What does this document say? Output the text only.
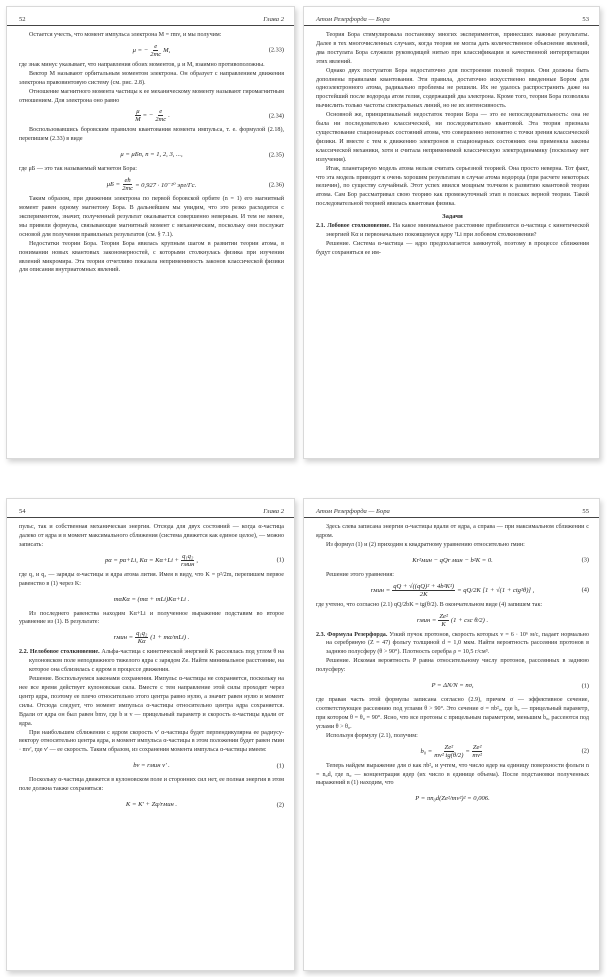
52	Глава 2

Остается учесть, что момент импульса электрона M = rmv, и мы получим:

μ = − $\frac{e}{2mc} M$,	(2.33)

где знак минус указывает, что направления обоих моментов, μ и M, взаимно противоположны.

Вектор M называют орбитальным моментом электрона. Он образует с направлением движения электрона правовинтовую систему (см. рис. 2.8).

Отношение магнитного момента частицы к ее механическому моменту называют гиромагнитным отношением. Для электрона оно равно

$\frac{\mu}{M}$ = − $\frac{e}{2mc}$ .	(2.34)

Воспользовавшись боровским правилом квантования момента импульса, т. е. формулой (2.18), перепишем (2.33) в виде

μ = μБn, n = 1, 2, 3, ...,	(2.35)

где μБ — это так называемый магнетон Бора:

$\mu Б = \frac{eħ}{2mc} = 0,927 \cdot 10^{-20}$ эрг/Гс.	(2.36)

Таким образом, при движении электрона по первой боровской орбите (n = 1) его магнитный момент равен одному магнетону Бора. В дальнейшем мы увидим, что это резко расходится с экспериментом, значит, полученный результат оказывается совершенно неверным. И тем не менее, мы привели формулы, связывающие магнитный момент с механическим, поскольку они послужат основой для получения правильных результатов (см. § 7.1).

Недостатки теории Бора. Теория Бора явилась крупным шагом в развитии теории атома, в понимании новых квантовых закономерностей, с которыми столкнулась физика при изучении явлений микромира. Эта теория отчетливо показала неприменимость законов классической физики для описания внутриатомных явлений.

Атом Резерфорда — Бора	53

Теория Бора стимулировала постановку многих экспериментов, принесших важные результаты. Далее в тех многочисленных случаях, когда теория не могла дать количественное объяснение явлений, два постулата Бора служили руководящей нитью при классификации и качественной интерпретации этих явлений.

Однако двух постулатов Бора недостаточно для построения полной теории. Они должны быть дополнены правилами квантования. Эти правила, достаточно искусственно введенные Бором для одноэлектронного атома, радикально проблемы не решили. Их не удалось распространить даже на простейший после водорода атом гелия, содержащий два электрона. Кроме того, теория Бора позволяла вычислить только частоты спектральных линий, но не их интенсивность.

Основной же, принципиальный недостаток теории Бора — это ее непоследовательность: она не была ни последовательно классической, ни последовательно квантовой. Эта теория признала существование стационарных состояний атома, что совершенно непонятно с точки зрения классической физики. И вместе с тем к движению электронов в стационарных состояниях она применяла законы классической механики, хотя и считала неприменимой классическую электродинамику (поскольку нет излучения).

Итак, планетарную модель атома нельзя считать серьезной теорией. Она просто неверна. Тот факт, что эта модель приводит к очень хорошим результатам в случае атома водорода (при расчете некоторых величин), по существу случайный. Этот успех явился мощным толчком к развитию квантовой теории атома. Сам Бор рассматривал свою теорию как промежуточный этап в поисках верной теории. Такой последовательной теорией явилась квантовая физика.

Задачи

2.1. Лобовое столкновение. На какое минимальное расстояние приблизится α-частица с кинетической энергией Kα и первоначально покоящемуся ядру ⁷Li при лобовом столкновении?

Решение. Система α-частица — ядро предполагается замкнутой, поэтому в процессе сближения будут сохраняться ее им-

54	Глава 2

пульс, так и собственная механическая энергия. Отсюда для двух состояний — когда α-частица далеко от ядра и в момент максимального сближения (система движется как единое целое), — можно записать:

pα = pα+Li, $K\alpha = K\alpha+Li + \frac{\text{q₁q₂}}{\text{rмин}}$ ,	(1)

где q₁ и q₂ — заряды α-частицы и ядра атома лития. Имея в виду, что K = p²/2m, перепишем первое равенство в (1) через K:

mαKα = (mα + mLi)Kα+Li .

Из последнего равенства находим Kα+Li и полученное выражение подставим во второе уравнение из (1). В результате:

rмин = $\frac{\text{q₁q₂}}{K\alpha} (1 + m\alpha/mLi)$ .

2.2. Нелобовое столкновение. Альфа-частица с кинетической энергией K рассеялась под углом θ на кулоновском поле неподвижного тяжелого ядра с зарядом Ze. Найти минимальное расстояние, на которое она сблизилась с ядром в процессе движения.

Решение. Воспользуемся законами сохранения. Импульс α-частицы не сохраняется, поскольку на нее все время действует кулоновская сила. Вместе с тем направление этой силы проходит через центр ядра, поэтому ее плечо относительно этого центра равно нулю, а значит равен нулю и момент силы. Отсюда следует, что момент импульса α-частицы относительно центра ядра сохраняется. Вдали от ядра он был равен bmv, где b и v — прицельный параметр и скорость α-частицы вдали от ядра.

При наибольшем сближении с ядром скорость v' α-частицы будет перпендикулярна ее радиусу-вектору относительно центра ядра, и момент импульса α-частицы в этом положении будет равен rмин · mv', где v' — ее скорость. Таким образом, из сохранения момента импульса α-частицы имеем:

bv = rмин v' .	(1)

Поскольку α-частица движется в кулоновском поле и сторонних сил нет, ее полная энергия в этом поле должна также сохраняться:

K = K' + Zq/rмин .	(2)
Атом Резерфорда — Бора	55

Здесь слева записана энергия α-частицы вдали от ядра, а справа — при максимальном сближении с ядром.

Из формул (1) и (2) приходим к квадратному уравнению относительно rмин:

Kr²мин − qQr мин − b²K = 0.	(3)

Решение этого уравнения:

rмин = $\frac{\text{qQ + √((qQ)² + 4b²K²)}}{2K} = qQ/2K$ [1 + √(1 + ctg²θ)] ,	(4)

где учтено, что согласно (2.1) qQ/2bK = tg(θ/2). В окончательном виде (4) запишем так:

rмин = $\frac{\text{Ze²}}{K} (1 + \csc \theta/2)$ .

2.3. Формула Резерфорда. Узкий пучок протонов, скорость которых v = 6 · 10⁶ м/с, падает нормально на серебряную (Z = 47) фольгу толщиной d = 1,0 мкм. Найти вероятность рассеяния протонов в заднюю полусферу (θ > 90°). Плотность серебра ρ = 10,5 г/см³.

Решение. Искомая вероятность P равна относительному числу протонов, рассеянных в заднюю полусферу:

P = ΔN/N = nσ,	(1)

где правая часть этой формулы записана согласно (2.9), причем σ — эффективное сечение, соответствующее рассеянию под углами θ > 90°. Это сечение σ = πb²₀, где b₀ — прицельный параметр, при котором θ = θ₀ = 90°. Ясно, что все протоны с прицельным параметром, меньшим b₀, рассеются под углами θ > θ₀.

Используя формулу (2.1), получим:

$b_0 = \frac{\text{Ze²}}{\text{mv² tg(θ/2)}} = \frac{\text{Ze²}}{\text{mv²}}$	(2)

Теперь найдем выражение для σ как πb²₀ и учтем, что число ядер на единицу поверхности фольги n = n₀d, где n₀ — концентрация ядер (их число в единице объема). После подстановки полученных выражений в (1) находим, что

P = πn₀d(Ze²/mv²)² = 0,006.
